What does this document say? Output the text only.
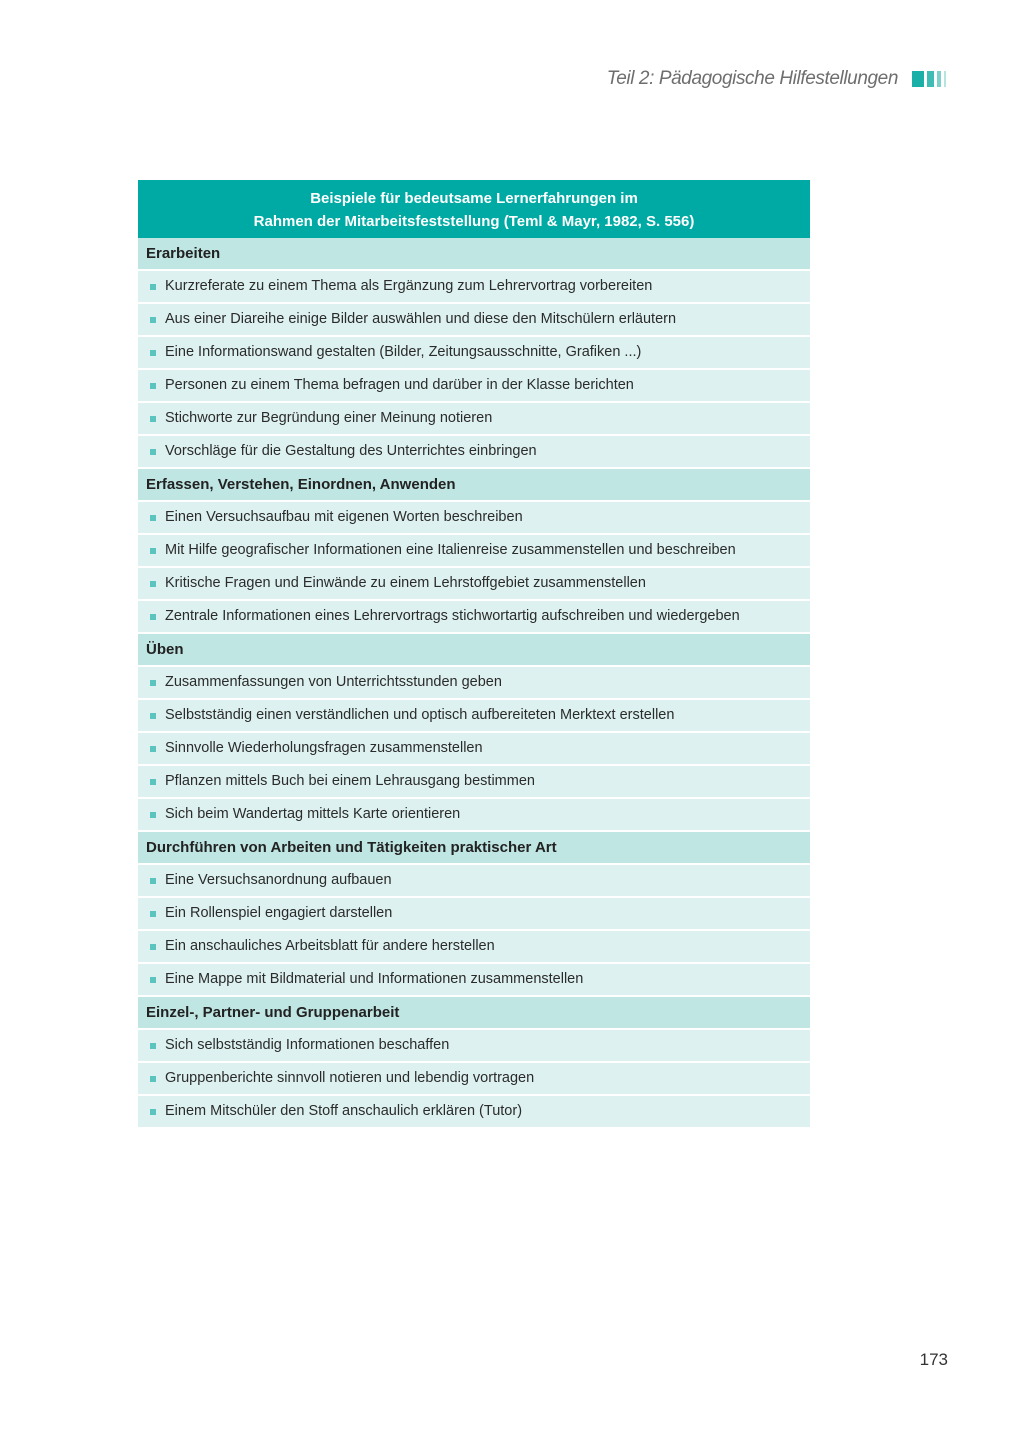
Teil 2: Pädagogische Hilfestellungen
Beispiele für bedeutsame Lernerfahrungen im
Rahmen der Mitarbeitsfeststellung (Teml & Mayr, 1982, S. 556)
Erarbeiten
Kurzreferate zu einem Thema als Ergänzung zum Lehrervortrag vorbereiten
Aus einer Diareihe einige Bilder auswählen und diese den Mitschülern erläutern
Eine Informationswand gestalten (Bilder, Zeitungsausschnitte, Grafiken ...)
Personen zu einem Thema befragen und darüber in der Klasse berichten
Stichworte zur Begründung einer Meinung notieren
Vorschläge für die Gestaltung des Unterrichtes einbringen
Erfassen, Verstehen, Einordnen, Anwenden
Einen Versuchsaufbau mit eigenen Worten beschreiben
Mit Hilfe geografischer Informationen eine Italienreise zusammenstellen und beschreiben
Kritische Fragen und Einwände zu einem Lehrstoffgebiet zusammenstellen
Zentrale Informationen eines Lehrervortrags stichwortartig aufschreiben und wiedergeben
Üben
Zusammenfassungen von Unterrichtsstunden geben
Selbstständig einen verständlichen und optisch aufbereiteten Merktext erstellen
Sinnvolle Wiederholungsfragen zusammenstellen
Pflanzen mittels Buch bei einem Lehrausgang bestimmen
Sich beim Wandertag mittels Karte orientieren
Durchführen von Arbeiten und Tätigkeiten praktischer Art
Eine Versuchsanordnung aufbauen
Ein Rollenspiel engagiert darstellen
Ein anschauliches Arbeitsblatt für andere herstellen
Eine Mappe mit Bildmaterial und Informationen zusammenstellen
Einzel-, Partner- und Gruppenarbeit
Sich selbstständig Informationen beschaffen
Gruppenberichte sinnvoll notieren und lebendig vortragen
Einem Mitschüler den Stoff anschaulich erklären (Tutor)
173
